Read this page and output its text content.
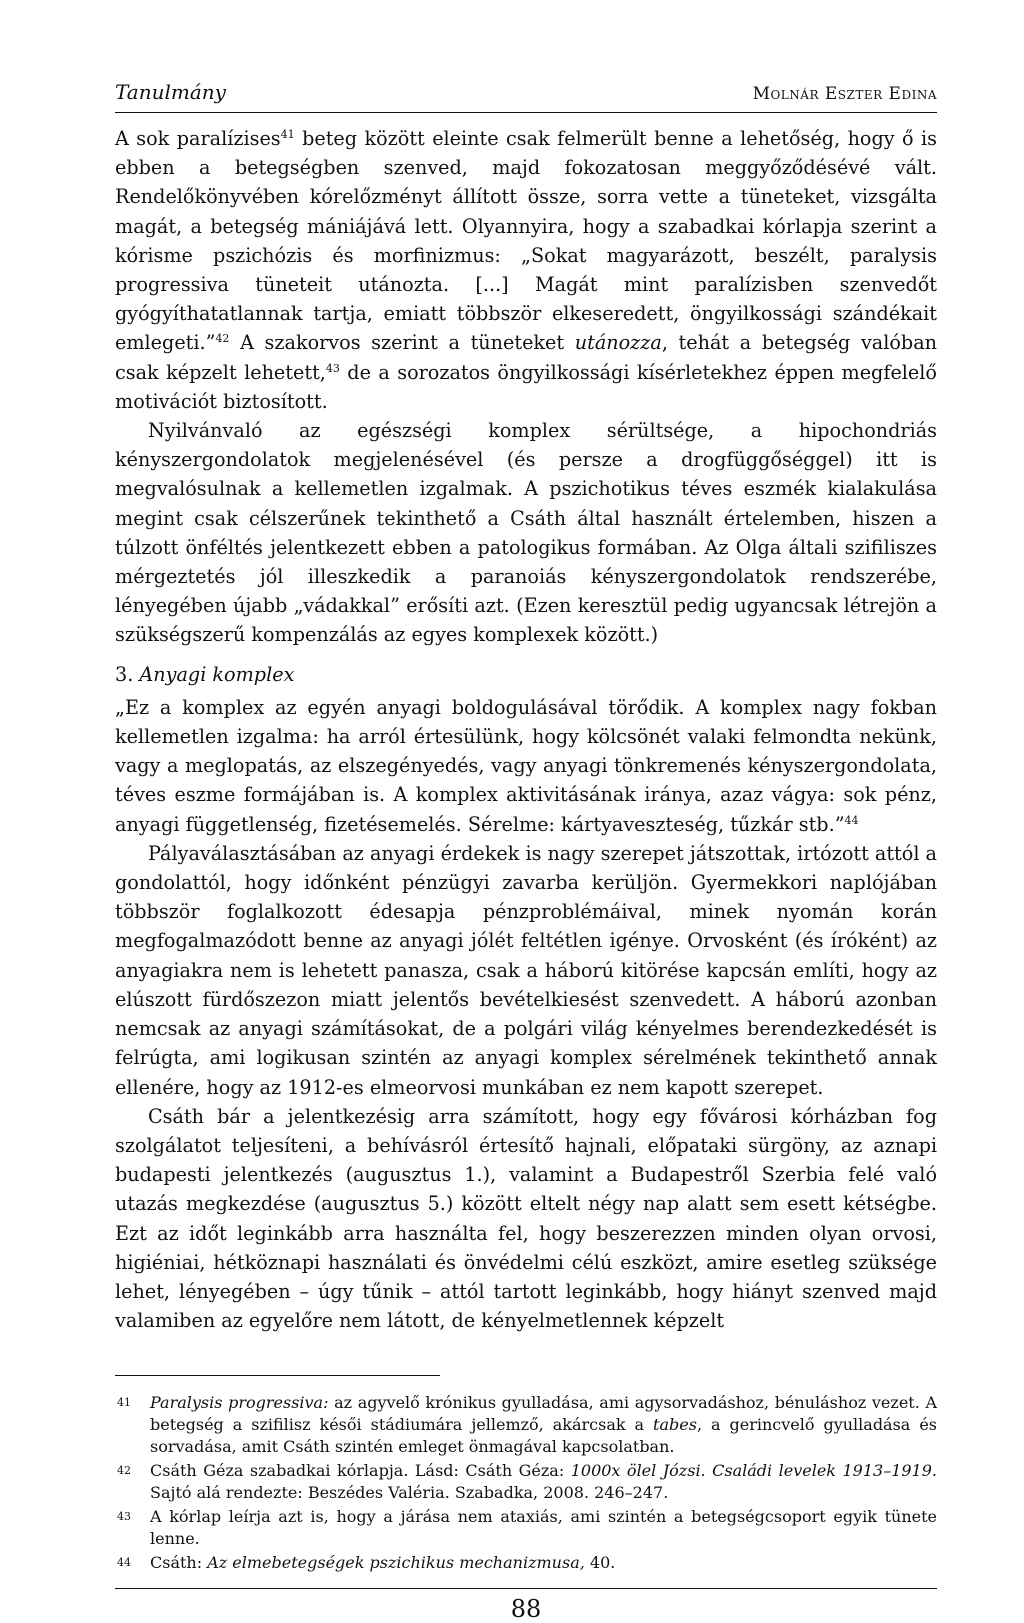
Tanulmány	Molnár Eszter Edina

A sok paralízises$^{41}$ beteg között eleinte csak felmerült benne a lehetőség, hogy ő is ebben a betegségben szenved, majd fokozatosan meggyőződésévé vált. Rendelőkönyvében kórelőzményt állított össze, sorra vette a tüneteket, vizsgálta magát, a betegség mániájává lett. Olyannyira, hogy a szabadkai kórlapja szerint a kórisme pszichózis és morfinizmus: „Sokat magyarázott, beszélt, paralysis progressiva tüneteit utánozta. [...] Magát mint paralízisben szenvedőt gyógyíthatatlannak tartja, emiatt többször elkeseredett, öngyilkossági szándékait emlegeti.”$^{42}$ A szakorvos szerint a tüneteket utánozza, tehát a betegség valóban csak képzelt lehetett,$^{43}$ de a sorozatos öngyilkossági kísérletekhez éppen megfelelő motivációt biztosított.

Nyilvánvaló az egészségi komplex sérültsége, a hipochondriás kényszergondolatok megjelenésével (és persze a drogfüggőséggel) itt is megvalósulnak a kellemetlen izgalmak. A pszichotikus téves eszmék kialakulása megint csak célszerűnek tekinthető a Csáth által használt értelemben, hiszen a túlzott önféltés jelentkezett ebben a patologikus formában. Az Olga általi szifiliszes mérgeztetés jól illeszkedik a paranoiás kényszergondolatok rendszerébe, lényegében újabb „vádakkal” erősíti azt. (Ezen keresztül pedig ugyancsak létrejön a szükségszerű kompenzálás az egyes komplexek között.)

3. Anyagi komplex

„Ez a komplex az egyén anyagi boldogulásával törődik. A komplex nagy fokban kellemetlen izgalma: ha arról értesülünk, hogy kölcsönét valaki felmondta nekünk, vagy a meglopatás, az elszegényedés, vagy anyagi tönkremenés kényszergondolata, téves eszme formájában is. A komplex aktivitásának iránya, azaz vágya: sok pénz, anyagi függetlenség, fizetésemelés. Sérelme: kártyaveszteség, tűzkár stb.”$^{44}$

Pályaválasztásában az anyagi érdekek is nagy szerepet játszottak, irtózott attól a gondolattól, hogy időnként pénzügyi zavarba kerüljön. Gyermekkori naplójában többször foglalkozott édesapja pénzproblémáival, minek nyomán korán megfogalmazódott benne az anyagi jólét feltétlen igénye. Orvosként (és íróként) az anyagiakra nem is lehetett panasza, csak a háború kitörése kapcsán említi, hogy az elúszott fürdőszezon miatt jelentős bevételkiesést szenvedett. A háború azonban nemcsak az anyagi számításokat, de a polgári világ kényelmes berendezkedését is felrúgta, ami logikusan szintén az anyagi komplex sérelmének tekinthető annak ellenére, hogy az 1912-es elmeorvosi munkában ez nem kapott szerepet.

Csáth bár a jelentkezésig arra számított, hogy egy fővárosi kórházban fog szolgálatot teljesíteni, a behívásról értesítő hajnali, előpataki sürgöny, az aznapi budapesti jelentkezés (augusztus 1.), valamint a Budapestről Szerbia felé való utazás megkezdése (augusztus 5.) között eltelt négy nap alatt sem esett kétségbe. Ezt az időt leginkább arra használta fel, hogy beszerezzen minden olyan orvosi, higiéniai, hétköznapi használati és önvédelmi célú eszközt, amire esetleg szüksége lehet, lényegében – úgy tűnik – attól tartott leginkább, hogy hiányt szenved majd valamiben az egyelőre nem látott, de kényelmetlennek képzelt

41	Paralysis progressiva: az agyvelő krónikus gyulladása, ami agysorvadáshoz, bénuláshoz vezet. A betegség a szifilisz késői stádiumára jellemző, akárcsak a tabes, a gerincvelő gyulladása és sorvadása, amit Csáth szintén emleget önmagával kapcsolatban.
42	Csáth Géza szabadkai kórlapja. Lásd: Csáth Géza: 1000x ölel Józsi. Családi levelek 1913–1919. Sajtó alá rendezte: Beszédes Valéria. Szabadka, 2008. 246–247.
43	A kórlap leírja azt is, hogy a járása nem ataxiás, ami szintén a betegségcsoport egyik tünete lenne.
44	Csáth: Az elmebetegségek pszichikus mechanizmusa, 40.
88
